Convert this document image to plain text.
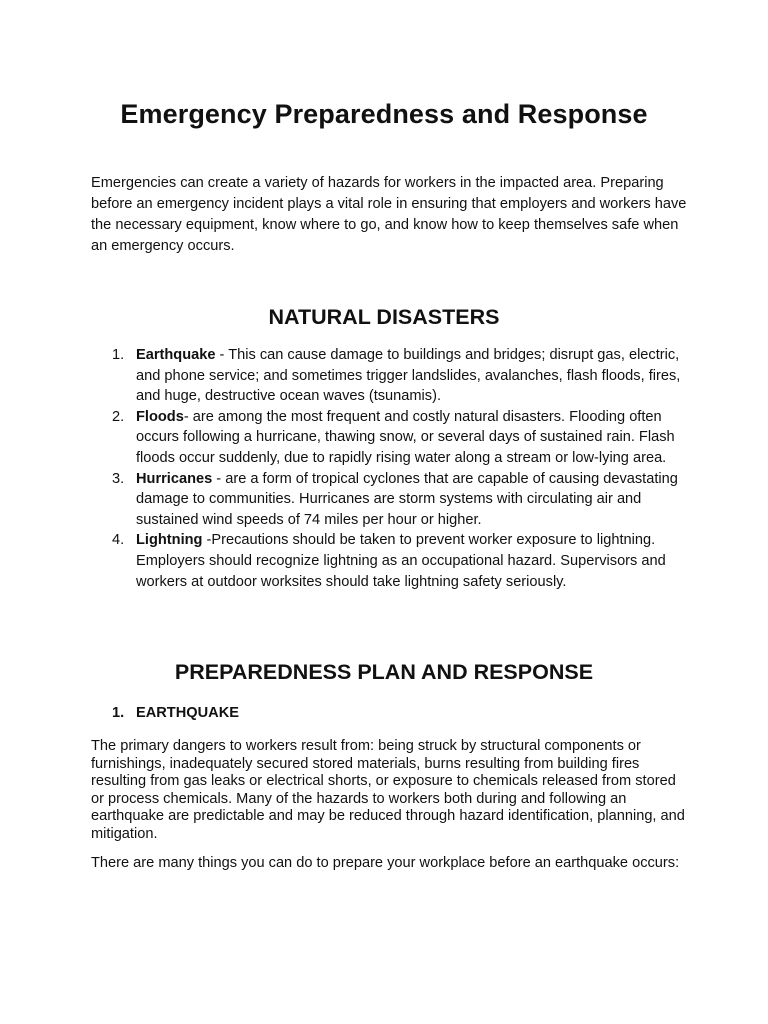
Emergency Preparedness and Response

Emergencies can create a variety of hazards for workers in the impacted area. Preparing before an emergency incident plays a vital role in ensuring that employers and workers have the necessary equipment, know where to go, and know how to keep themselves safe when an emergency occurs.

NATURAL DISASTERS
1. Earthquake - This can cause damage to buildings and bridges; disrupt gas, electric, and phone service; and sometimes trigger landslides, avalanches, flash floods, fires, and huge, destructive ocean waves (tsunamis).
2. Floods- are among the most frequent and costly natural disasters. Flooding often occurs following a hurricane, thawing snow, or several days of sustained rain. Flash floods occur suddenly, due to rapidly rising water along a stream or low-lying area.
3. Hurricanes - are a form of tropical cyclones that are capable of causing devastating damage to communities. Hurricanes are storm systems with circulating air and sustained wind speeds of 74 miles per hour or higher.
4. Lightning -Precautions should be taken to prevent worker exposure to lightning. Employers should recognize lightning as an occupational hazard. Supervisors and workers at outdoor worksites should take lightning safety seriously.
PREPAREDNESS PLAN AND RESPONSE
1. EARTHQUAKE

The primary dangers to workers result from: being struck by structural components or furnishings, inadequately secured stored materials, burns resulting from building fires resulting from gas leaks or electrical shorts, or exposure to chemicals released from stored or process chemicals. Many of the hazards to workers both during and following an earthquake are predictable and may be reduced through hazard identification, planning, and mitigation.

There are many things you can do to prepare your workplace before an earthquake occurs:
